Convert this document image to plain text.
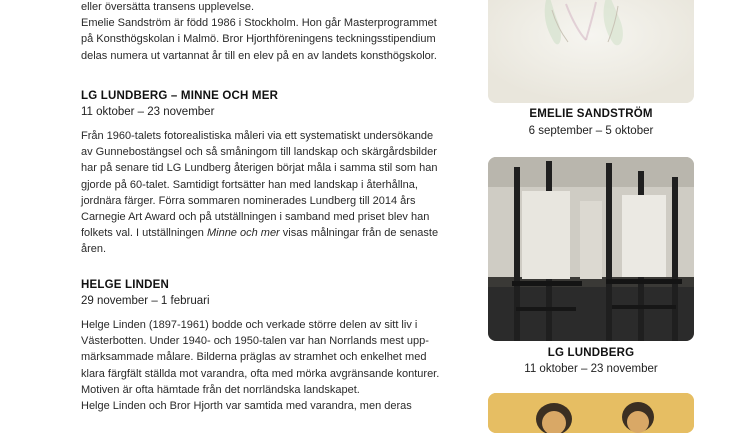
eller översätta transens upplevelse.
Emelie Sandström är född 1986 i Stockholm. Hon går Masterprogrammet
på Konsthögskolan i Malmö. Bror Hjorthföreningens teckningsstipendium
delas numera ut vartannat år till en elev på en av landets konsthögskolor.
LG LUNDBERG – MINNE OCH MER
11 oktober – 23 november
Från 1960-talets fotorealistiska måleri via ett systematiskt undersökande
av Gunnebostängsel och så småningom till landskap och skärgårdsbilder
har på senare tid LG Lundberg återigen börjat måla i samma stil som han
gjorde på 60-talet. Samtidigt fortsätter han med landskap i återhållna,
jordnära färger. Förra sommaren nominerades Lundberg till 2014 års
Carnegie Art Award och på utställningen i samband med priset blev han
folkets val. I utställningen Minne och mer visas målningar från de senaste
åren.
HELGE LINDEN
29 november – 1 februari
Helge Linden (1897-1961) bodde och verkade större delen av sitt liv i
Västerbotten. Under 1940- och 1950-talen var han Norrlands mest upp-
märksammade målare. Bilderna präglas av stramhet och enkelhet med
klara färgfält ställda mot varandra, ofta med mörka avgränsande konturer.
Motiven är ofta hämtade från det norrländska landskapet.
Helge Linden och Bror Hjorth var samtida med varandra, men deras
EMELIE SANDSTRÖM
6 september – 5 oktober
LG LUNDBERG
11 oktober – 23 november
